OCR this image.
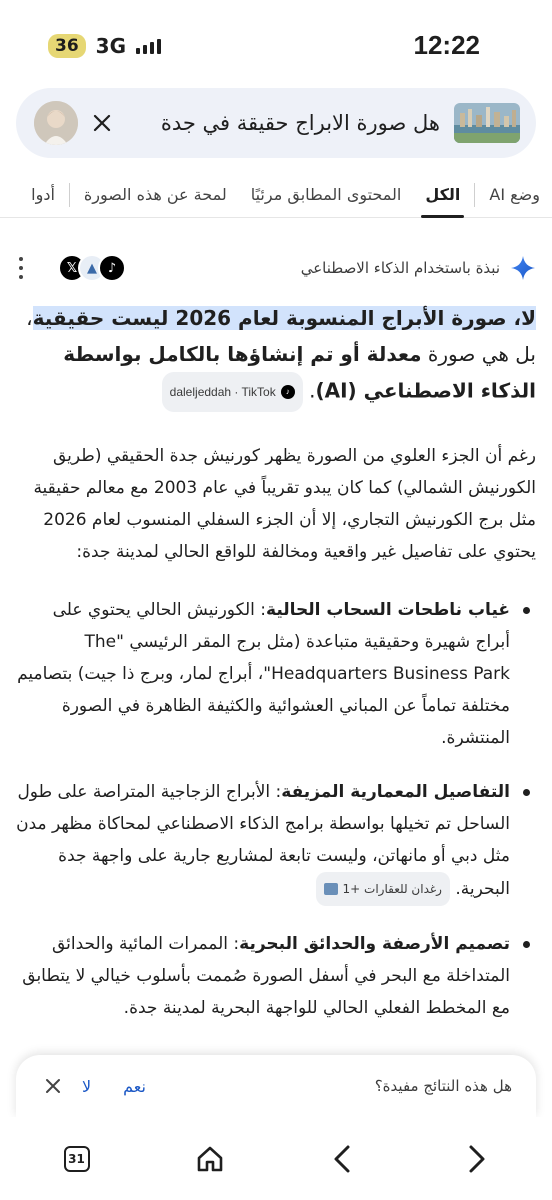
36 3G	12:22
هل صورة الابراج حقيقة في جدة
وضع AI
الكل
المحتوى المطابق مرئيًا
لمحة عن هذه الصورة
أدوا
نبذة باستخدام الذكاء الاصطناعي
𝕏 ▲ ♪

لا، صورة الأبراج المنسوبة لعام 2026 ليست حقيقية، بل هي صورة معدلة أو تم إنشاؤها بالكامل بواسطة الذكاء الاصطناعي (AI).
daleljeddah · TikTok	♪

رغم أن الجزء العلوي من الصورة يظهر كورنيش جدة الحقيقي (طريق الكورنيش الشمالي) كما كان يبدو تقريباً في عام 2003 مع معالم حقيقية مثل برج الكورنيش التجاري، إلا أن الجزء السفلي المنسوب لعام 2026 يحتوي على تفاصيل غير واقعية ومخالفة للواقع الحالي لمدينة جدة:

غياب ناطحات السحاب الحالية: الكورنيش الحالي يحتوي على أبراج شهيرة وحقيقية متباعدة (مثل برج المقر الرئيسي "The Headquarters Business Park"، أبراج لمار، وبرج ذا جيت) بتصاميم مختلفة تماماً عن المباني العشوائية والكثيفة الظاهرة في الصورة المنتشرة.
التفاصيل المعمارية المزيفة: الأبراج الزجاجية المتراصة على طول الساحل تم تخيلها بواسطة برامج الذكاء الاصطناعي لمحاكاة مظهر مدن مثل دبي أو مانهاتن، وليست تابعة لمشاريع جارية على واجهة جدة البحرية.
رغدان للعقارات +1
تصميم الأرصفة والحدائق البحرية: الممرات المائية والحدائق المتداخلة مع البحر في أسفل الصورة صُممت بأسلوب خيالي لا يتطابق مع المخطط الفعلي الحالي للواجهة البحرية لمدينة جدة.
هل هذه النتائج مفيدة؟
نعم
لا
31
